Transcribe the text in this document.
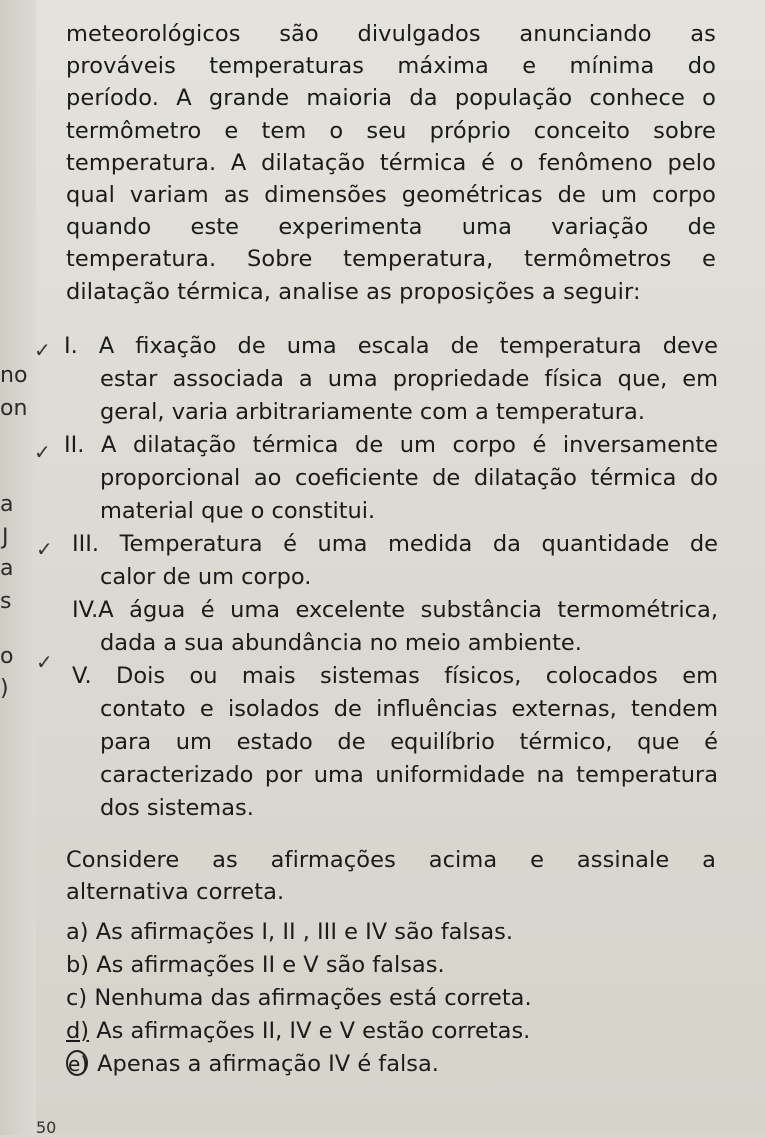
no
on
a
J
a
s
o
)
✓
✓
✓
✓
meteorológicos são divulgados anunciando as
prováveis temperaturas máxima e mínima do
período. A grande maioria da população conhece o
termômetro e tem o seu próprio conceito sobre
temperatura. A dilatação térmica é o fenômeno pelo
qual variam as dimensões geométricas de um corpo
quando este experimenta uma variação de
temperatura. Sobre temperatura, termômetros e
dilatação térmica, analise as proposições a seguir:
I. A fixação de uma escala de temperatura deve
estar associada a uma propriedade física que, em
geral, varia arbitrariamente com a temperatura.
II. A dilatação térmica de um corpo é inversamente
proporcional ao coeficiente de dilatação térmica do
material que o constitui.
III. Temperatura é uma medida da quantidade de
calor de um corpo.
IV.A água é uma excelente substância termométrica,
dada a sua abundância no meio ambiente.
V. Dois ou mais sistemas físicos, colocados em
contato e isolados de influências externas, tendem
para um estado de equilíbrio térmico, que é
caracterizado por uma uniformidade na temperatura
dos sistemas.
Considere as afirmações acima e assinale a
alternativa correta.
a) As afirmações I, II , III e IV são falsas.
b) As afirmações II e V são falsas.
c) Nenhuma das afirmações está correta.
d) As afirmações II, IV e V estão corretas.
e) Apenas a afirmação IV é falsa.
50
